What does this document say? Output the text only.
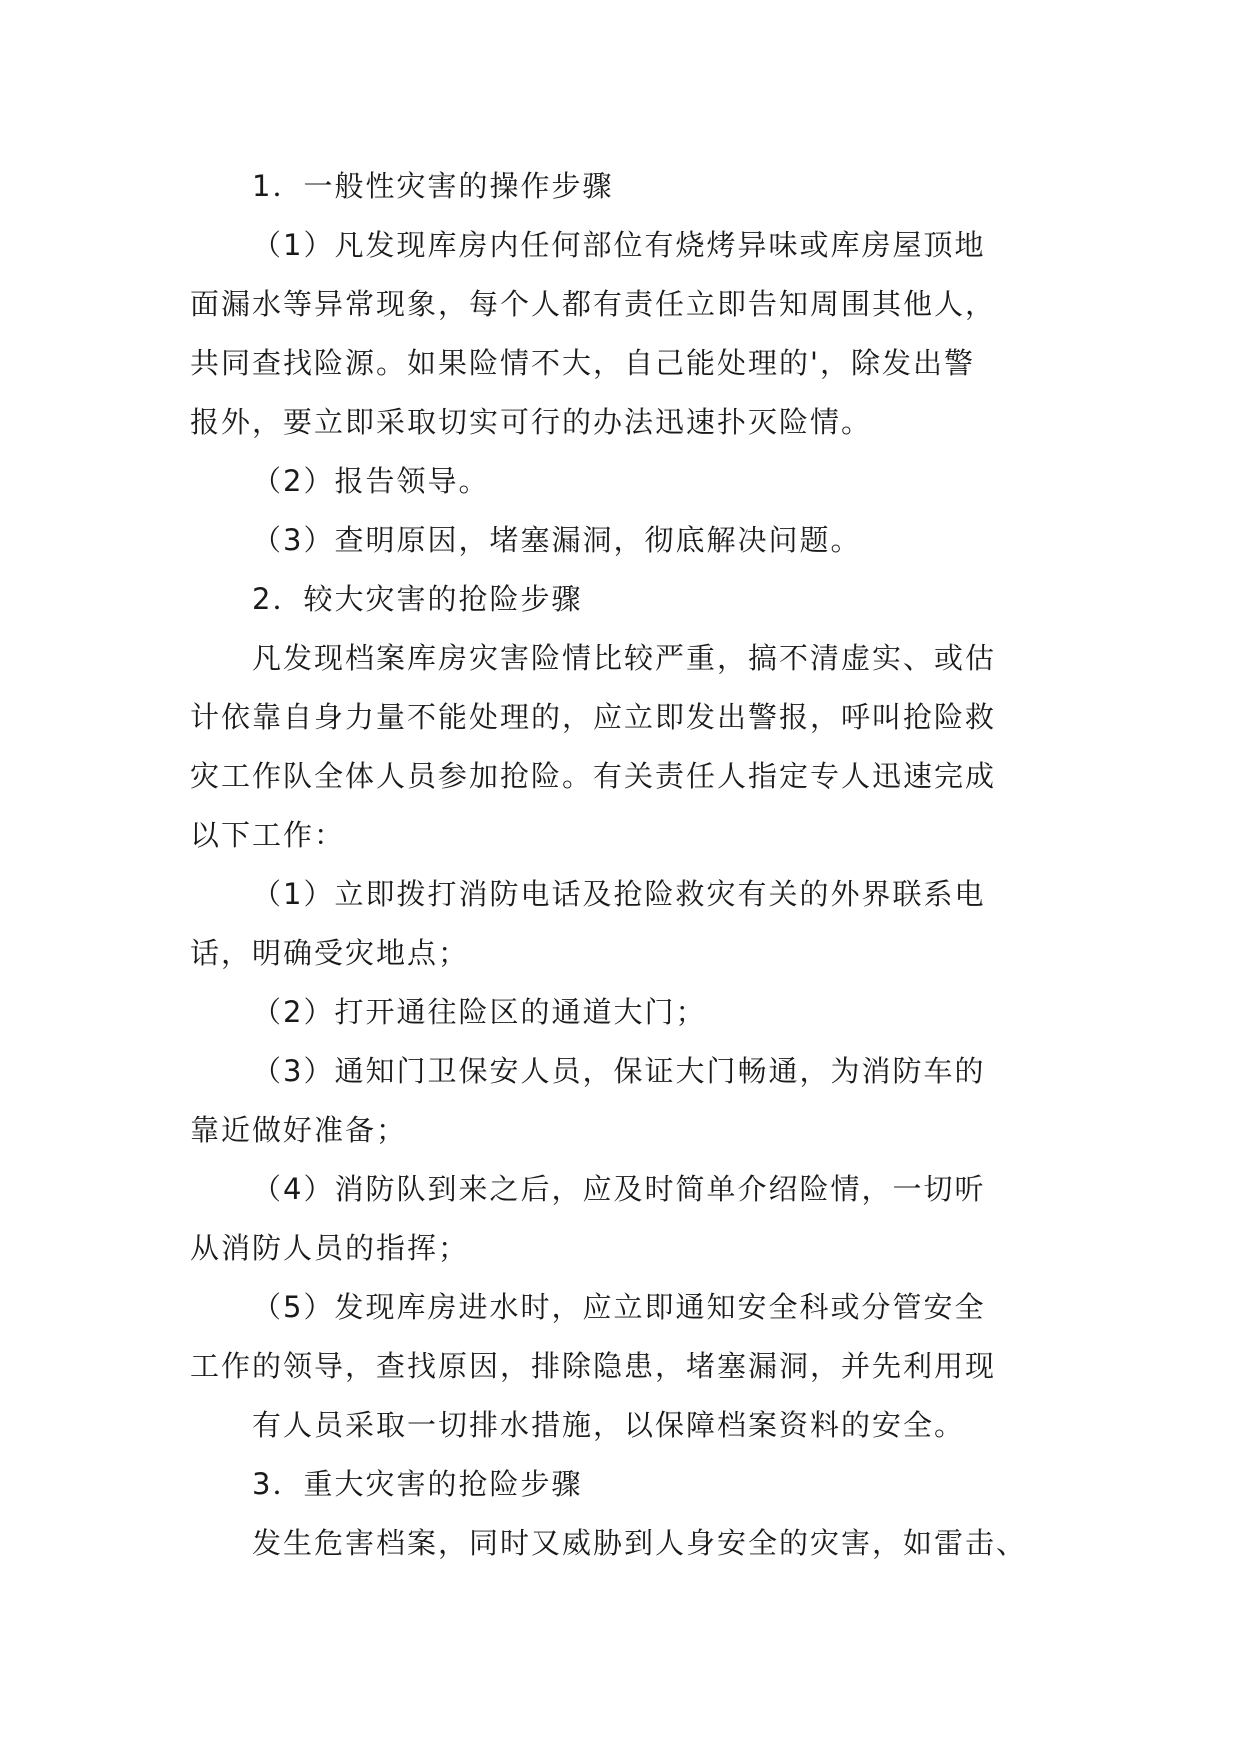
1．一般性灾害的操作步骤

（1）凡发现库房内任何部位有烧烤异味或库房屋顶地

面漏水等异常现象，每个人都有责任立即告知周围其他人，

共同查找险源。如果险情不大，自己能处理的'，除发出警

报外，要立即采取切实可行的办法迅速扑灭险情。

（2）报告领导。

（3）查明原因，堵塞漏洞，彻底解决问题。

2．较大灾害的抢险步骤

凡发现档案库房灾害险情比较严重，搞不清虚实、或估

计依靠自身力量不能处理的，应立即发出警报，呼叫抢险救

灾工作队全体人员参加抢险。有关责任人指定专人迅速完成

以下工作：

（1）立即拨打消防电话及抢险救灾有关的外界联系电

话，明确受灾地点；

（2）打开通往险区的通道大门；

（3）通知门卫保安人员，保证大门畅通，为消防车的

靠近做好准备；

（4）消防队到来之后，应及时简单介绍险情，一切听

从消防人员的指挥；

（5）发现库房进水时，应立即通知安全科或分管安全

工作的领导，查找原因，排除隐患，堵塞漏洞，并先利用现

有人员采取一切排水措施，以保障档案资料的安全。

3．重大灾害的抢险步骤

发生危害档案，同时又威胁到人身安全的灾害，如雷击、
